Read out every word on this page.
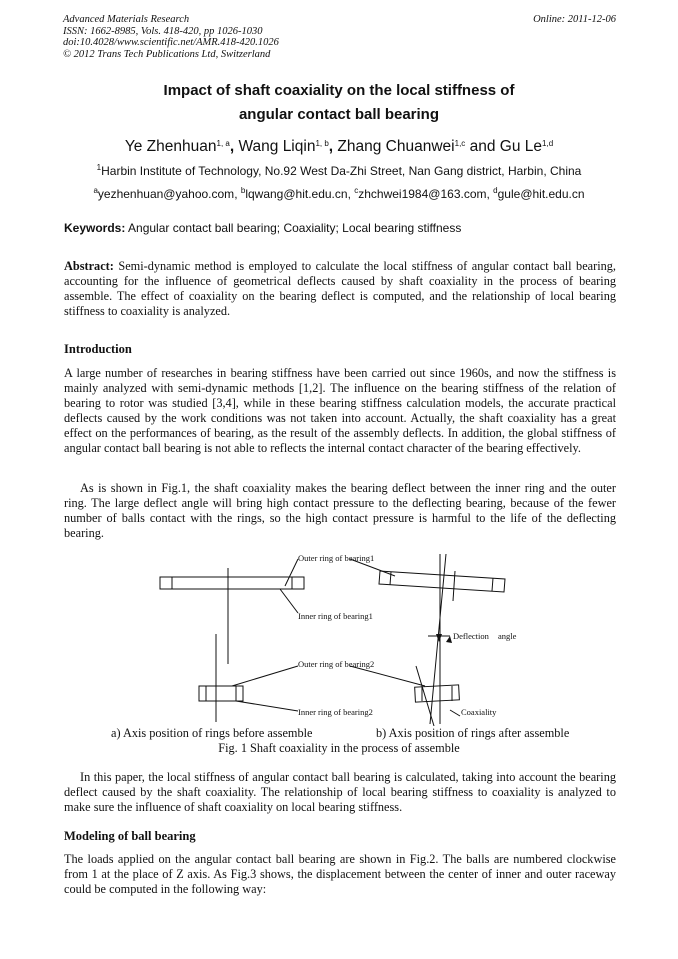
Advanced Materials Research
ISSN: 1662-8985, Vols. 418-420, pp 1026-1030
doi:10.4028/www.scientific.net/AMR.418-420.1026
© 2012 Trans Tech Publications Ltd, Switzerland
Online: 2011-12-06
Impact of shaft coaxiality on the local stiffness of
angular contact ball bearing
Ye Zhenhuan$^{1, a}$, Wang Liqin$^{1, b}$, Zhang Chuanwei$^{1,c}$ and Gu Le$^{1,d}$
$^1$Harbin Institute of Technology, No.92 West Da-Zhi Street, Nan Gang district, Harbin, China
$^a$yezhenhuan@yahoo.com, $^b$lqwang@hit.edu.cn, $^c$zhchwei1984@163.com, $^d$gule@hit.edu.cn
Keywords: Angular contact ball bearing; Coaxiality; Local bearing stiffness
Abstract: Semi-dynamic method is employed to calculate the local stiffness of angular contact ball bearing, accounting for the influence of geometrical deflects caused by shaft coaxiality in the process of bearing assemble. The effect of coaxiality on the bearing deflect is computed, and the relationship of local bearing stiffness to coaxiality is analyzed.
Introduction
A large number of researches in bearing stiffness have been carried out since 1960s, and now the stiffness is mainly analyzed with semi-dynamic methods [1,2]. The influence on the bearing stiffness of the relation of bearing to rotor was studied [3,4], while in these bearing stiffness calculation models, the accurate practical deflects caused by the work conditions was not taken into account. Actually, the shaft coaxiality has a great effect on the performances of bearing, as the result of the assembly deflects. In addition, the global stiffness of angular contact ball bearing is not able to reflects the internal contact character of the bearing effectively.
As is shown in Fig.1, the shaft coaxiality makes the bearing deflect between the inner ring and the outer ring. The large deflect angle will bring high contact pressure to the deflecting bearing, because of the fewer number of balls contact with the rings, so the high contact pressure is harmful to the life of the deflecting bearing.
Outer ring of bearing1
Inner ring of bearing1
Deflection angle
Outer ring of bearing2
Inner ring of bearing2	Coaxiality
a) Axis position of rings before assemble	b) Axis position of rings after assemble
Fig. 1 Shaft coaxiality in the process of assemble
In this paper, the local stiffness of angular contact ball bearing is calculated, taking into account the bearing deflect caused by the shaft coaxiality. The relationship of local bearing stiffness to coaxiality is analyzed to make sure the influence of shaft coaxiality on local bearing stiffness.
Modeling of ball bearing
The loads applied on the angular contact ball bearing are shown in Fig.2. The balls are numbered clockwise from 1 at the place of Z axis. As Fig.3 shows, the displacement between the center of inner and outer raceway could be computed in the following way:
